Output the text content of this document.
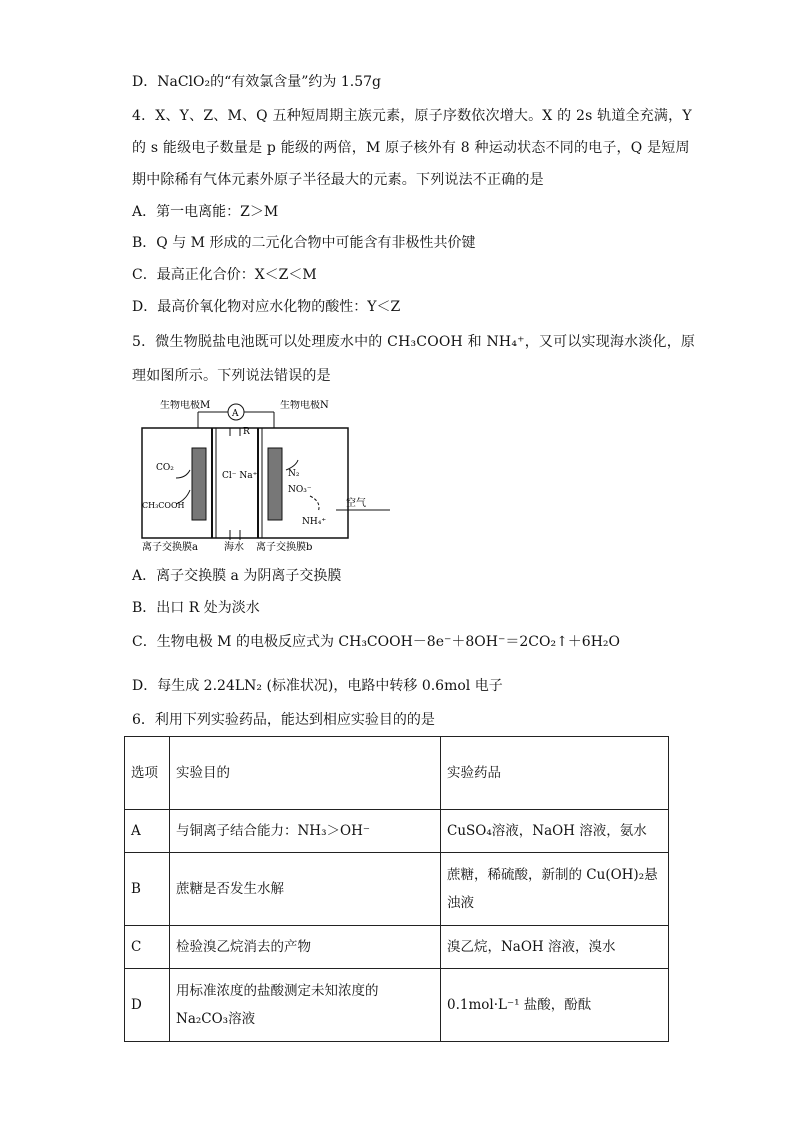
D．NaClO₂的“有效氯含量”约为 1.57g
4．X、Y、Z、M、Q 五种短周期主族元素，原子序数依次增大。X 的 2s 轨道全充满，Y
的 s 能级电子数量是 p 能级的两倍，M 原子核外有 8 种运动状态不同的电子，Q 是短周
期中除稀有气体元素外原子半径最大的元素。下列说法不正确的是
A．第一电离能：Z＞M
B．Q 与 M 形成的二元化合物中可能含有非极性共价键
C．最高正化合价：X＜Z＜M
D．最高价氧化物对应水化物的酸性：Y＜Z
5．微生物脱盐电池既可以处理废水中的 CH₃COOH 和 NH₄⁺，又可以实现海水淡化，原
理如图所示。下列说法错误的是
生物电极M	生物电极N
A
R
CO₂
CH₃COOH
Cl⁻ Na⁺	N₂
NO₃⁻
NH₄⁺
空气
离子交换膜a	海水 离子交换膜b
A．离子交换膜 a 为阴离子交换膜
B．出口 R 处为淡水
C．生物电极 M 的电极反应式为 CH₃COOH－8e⁻＋8OH⁻＝2CO₂↑＋6H₂O
D．每生成 2.24LN₂ (标准状况)，电路中转移 0.6mol 电子
6．利用下列实验药品，能达到相应实验目的的是
选项	实验目的	实验药品
A	与铜离子结合能力：NH₃＞OH⁻	CuSO₄溶液，NaOH 溶液，氨水
B	蔗糖是否发生水解	蔗糖，稀硫酸，新制的 Cu(OH)₂悬浊液
C	检验溴乙烷消去的产物	溴乙烷，NaOH 溶液，溴水
D	用标准浓度的盐酸测定未知浓度的 Na₂CO₃溶液	0.1mol·L⁻¹ 盐酸，酚酞
